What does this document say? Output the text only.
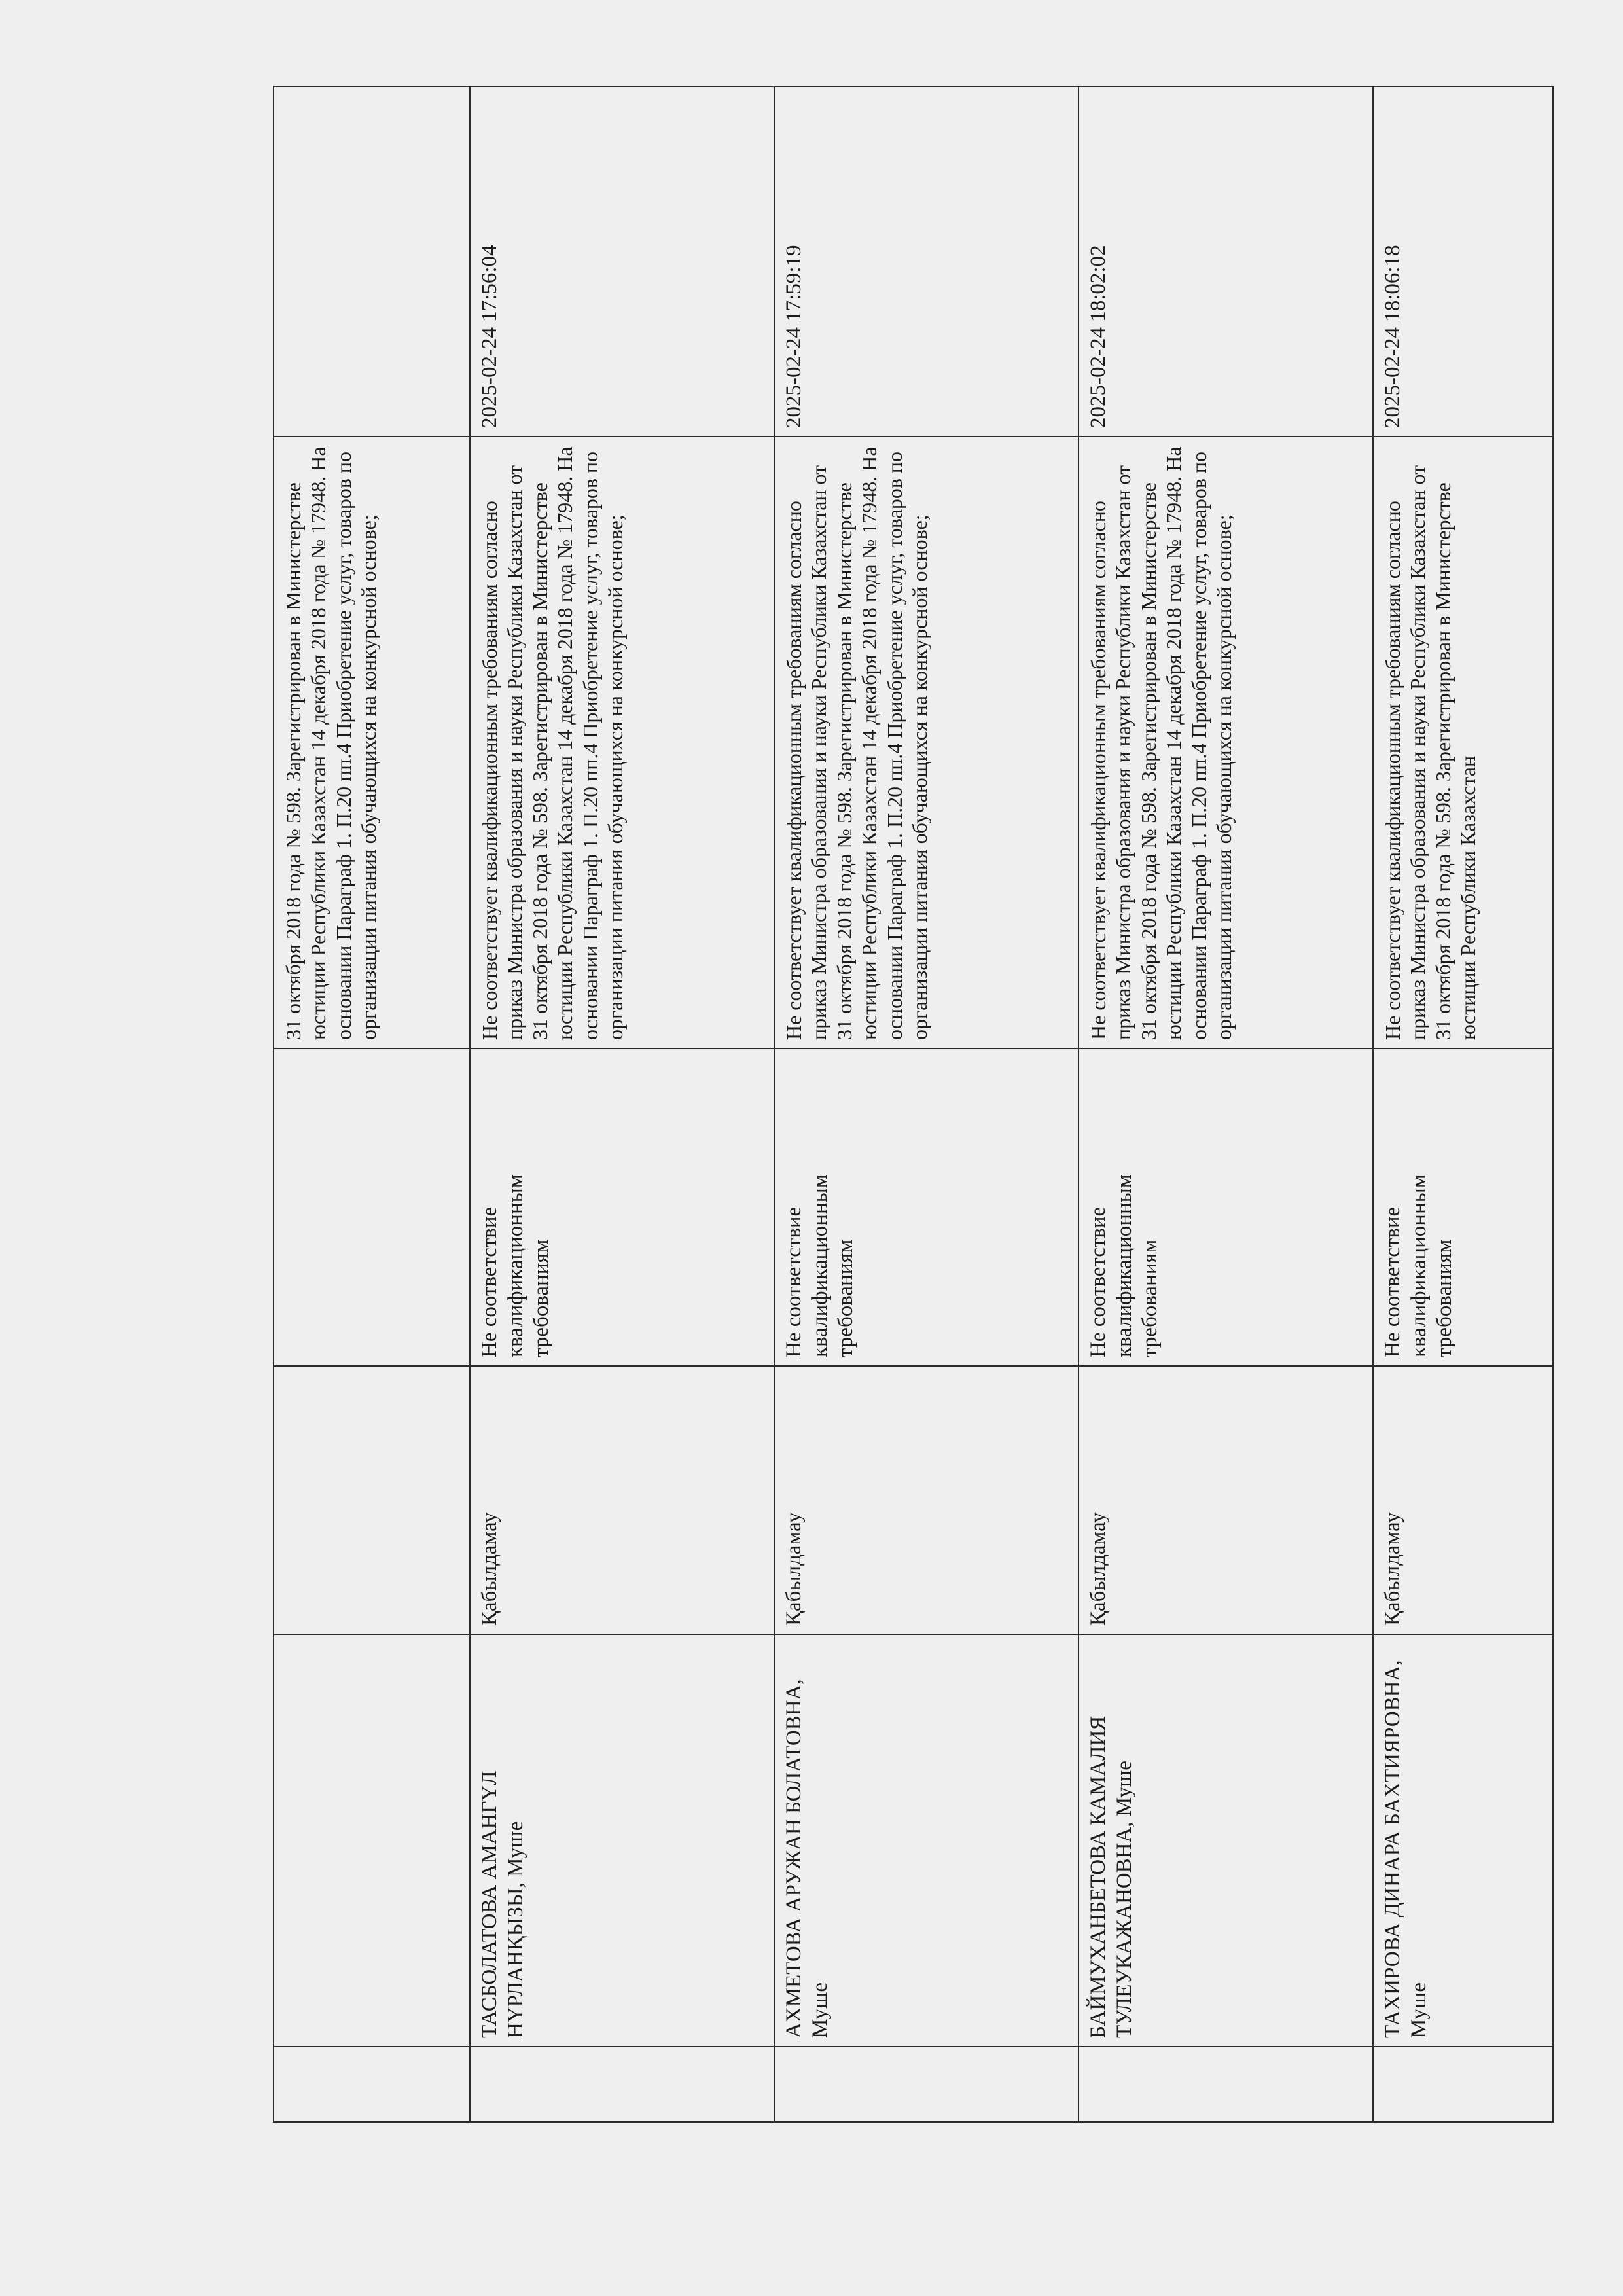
				31 октября 2018 года № 598. Зарегистрирован в Министерстве юстиции Республики Казахстан 14 декабря 2018 года № 17948. На основании Параграф 1. П.20 пп.4 Приобретение услуг, товаров по организации питания обучающихся на конкурсной основе;	
	ТАСБОЛАТОВА АМАНГҮЛ НҮРЛАНҚЫЗЫ, Муше	Қабылдамау	Не соответствие квалификационным требованиям	Не соответствует квалификационным требованиям согласно приказ Министра образования и науки Республики Казахстан от 31 октября 2018 года № 598. Зарегистрирован в Министерстве юстиции Республики Казахстан 14 декабря 2018 года № 17948. На основании Параграф 1. П.20 пп.4 Приобретение услуг, товаров по организации питания обучающихся на конкурсной основе;	2025-02-24 17:56:04
	АХМЕТОВА АРУЖАН БОЛАТОВНА, Муше	Қабылдамау	Не соответствие квалификационным требованиям	Не соответствует квалификационным требованиям согласно приказ Министра образования и науки Республики Казахстан от 31 октября 2018 года № 598. Зарегистрирован в Министерстве юстиции Республики Казахстан 14 декабря 2018 года № 17948. На основании Параграф 1. П.20 пп.4 Приобретение услуг, товаров по организации питания обучающихся на конкурсной основе;	2025-02-24 17:59:19
	БАЙМУХАНБЕТОВА КАМАЛИЯ ТУЛЕУКАЖАНОВНА, Муше	Қабылдамау	Не соответствие квалификационным требованиям	Не соответствует квалификационным требованиям согласно приказ Министра образования и науки Республики Казахстан от 31 октября 2018 года № 598. Зарегистрирован в Министерстве юстиции Республики Казахстан 14 декабря 2018 года № 17948. На основании Параграф 1. П.20 пп.4 Приобретение услуг, товаров по организации питания обучающихся на конкурсной основе;	2025-02-24 18:02:02
	ТАХИРОВА ДИНАРА БАХТИЯРОВНА, Муше	Қабылдамау	Не соответствие квалификационным требованиям	Не соответствует квалификационным требованиям согласно приказ Министра образования и науки Республики Казахстан от 31 октября 2018 года № 598. Зарегистрирован в Министерстве юстиции Республики Казахстан	2025-02-24 18:06:18
